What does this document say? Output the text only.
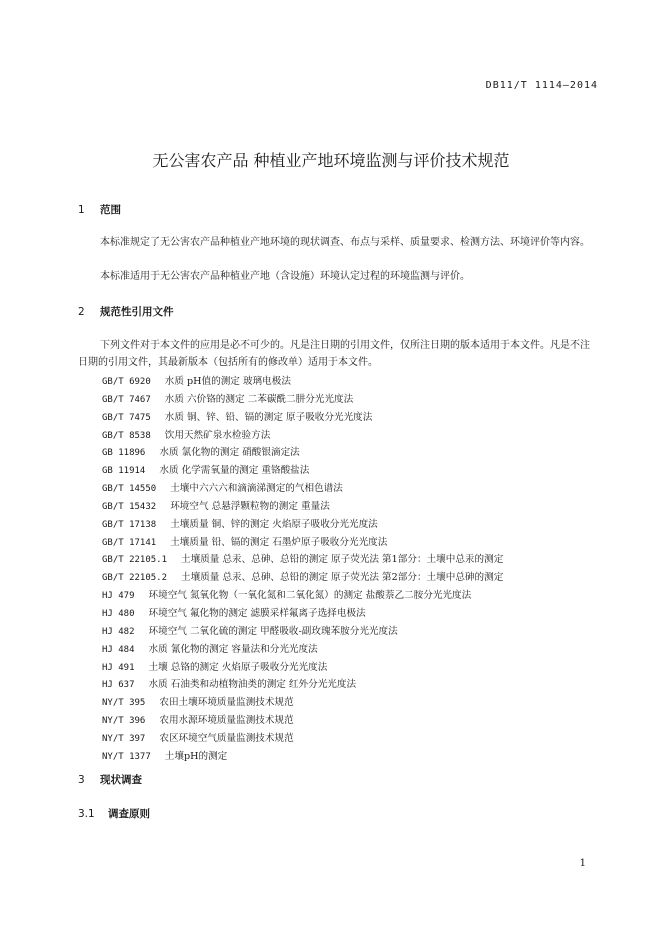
DB11/T 1114—2014
无公害农产品 种植业产地环境监测与评价技术规范
1 范围
本标准规定了无公害农产品种植业产地环境的现状调查、布点与采样、质量要求、检测方法、环境评价等内容。
本标准适用于无公害农产品种植业产地（含设施）环境认定过程的环境监测与评价。
2 规范性引用文件
下列文件对于本文件的应用是必不可少的。凡是注日期的引用文件，仅所注日期的版本适用于本文件。凡是不注日期的引用文件，其最新版本（包括所有的修改单）适用于本文件。
GB/T 6920 水质 pH值的测定 玻璃电极法
GB/T 7467 水质 六价铬的测定 二苯碳酰二肼分光光度法
GB/T 7475 水质 铜、锌、铅、镉的测定 原子吸收分光光度法
GB/T 8538 饮用天然矿泉水检验方法
GB 11896 水质 氯化物的测定 硝酸银滴定法
GB 11914 水质 化学需氧量的测定 重铬酸盐法
GB/T 14550 土壤中六六六和滴滴涕测定的气相色谱法
GB/T 15432 环境空气 总悬浮颗粒物的测定 重量法
GB/T 17138 土壤质量 铜、锌的测定 火焰原子吸收分光光度法
GB/T 17141 土壤质量 铅、镉的测定 石墨炉原子吸收分光光度法
GB/T 22105.1 土壤质量 总汞、总砷、总铅的测定 原子荧光法 第1部分：土壤中总汞的测定
GB/T 22105.2 土壤质量 总汞、总砷、总铅的测定 原子荧光法 第2部分：土壤中总砷的测定
HJ 479 环境空气 氮氧化物（一氧化氮和二氧化氮）的测定 盐酸萘乙二胺分光光度法
HJ 480 环境空气 氟化物的测定 滤膜采样氟离子选择电极法
HJ 482 环境空气 二氧化硫的测定 甲醛吸收-副玫瑰苯胺分光光度法
HJ 484 水质 氰化物的测定 容量法和分光光度法
HJ 491 土壤 总铬的测定 火焰原子吸收分光光度法
HJ 637 水质 石油类和动植物油类的测定 红外分光光度法
NY/T 395 农田土壤环境质量监测技术规范
NY/T 396 农用水源环境质量监测技术规范
NY/T 397 农区环境空气质量监测技术规范
NY/T 1377 土壤pH的测定
3 现状调查
3.1 调查原则
1
